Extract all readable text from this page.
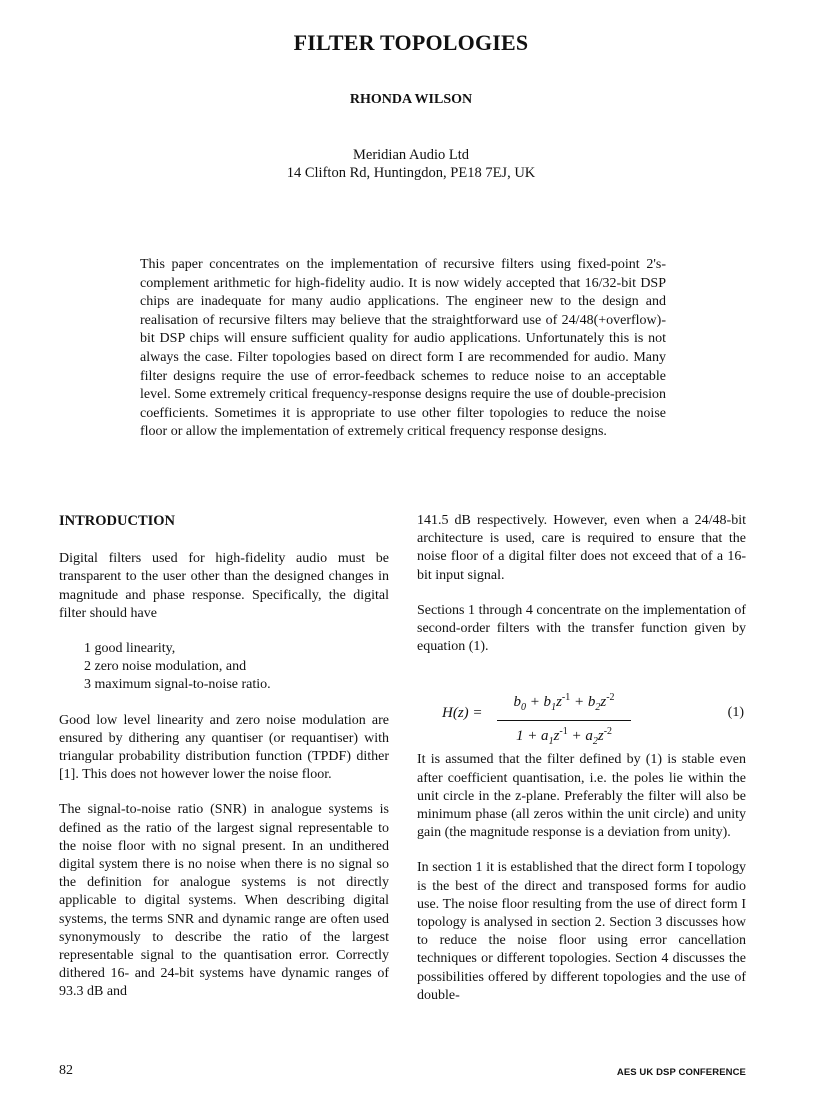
FILTER TOPOLOGIES
RHONDA WILSON
Meridian Audio Ltd
14 Clifton Rd, Huntingdon, PE18 7EJ, UK
This paper concentrates on the implementation of recursive filters using fixed-point 2's-complement arithmetic for high-fidelity audio. It is now widely accepted that 16/32-bit DSP chips are inadequate for many audio applications. The engineer new to the design and realisation of recursive filters may believe that the straightforward use of 24/48(+overflow)-bit DSP chips will ensure sufficient quality for audio applications. Unfortunately this is not always the case. Filter topologies based on direct form I are recommended for audio. Many filter designs require the use of error-feedback schemes to reduce noise to an acceptable level. Some extremely critical frequency-response designs require the use of double-precision coefficients. Sometimes it is appropriate to use other filter topologies to reduce the noise floor or allow the implementation of extremely critical frequency response designs.
INTRODUCTION

Digital filters used for high-fidelity audio must be transparent to the user other than the designed changes in magnitude and phase response. Specifically, the digital filter should have

1 good linearity,
2 zero noise modulation, and
3 maximum signal-to-noise ratio.

Good low level linearity and zero noise modulation are ensured by dithering any quantiser (or requantiser) with triangular probability distribution function (TPDF) dither [1]. This does not however lower the noise floor.

The signal-to-noise ratio (SNR) in analogue systems is defined as the ratio of the largest signal representable to the noise floor with no signal present. In an undithered digital system there is no noise when there is no signal so the definition for analogue systems is not directly applicable to digital systems. When describing digital systems, the terms SNR and dynamic range are often used synonymously to describe the ratio of the largest representable signal to the quantisation error. Correctly dithered 16- and 24-bit systems have dynamic ranges of 93.3 dB and

141.5 dB respectively. However, even when a 24/48-bit architecture is used, care is required to ensure that the noise floor of a digital filter does not exceed that of a 16-bit input signal.

Sections 1 through 4 concentrate on the implementation of second-order filters with the transfer function given by equation (1).

$H(z) = \frac{b_0 + b_1z^{-1} + b_2z^{-2}}{1 + a_1z^{-1} + a_2z^{-2}}$	(1)

It is assumed that the filter defined by (1) is stable even after coefficient quantisation, i.e. the poles lie within the unit circle in the z-plane. Preferably the filter will also be minimum phase (all zeros within the unit circle) and unity gain (the magnitude response is a deviation from unity).

In section 1 it is established that the direct form I topology is the best of the direct and transposed forms for audio use. The noise floor resulting from the use of direct form I topology is analysed in section 2. Section 3 discusses how to reduce the noise floor using error cancellation techniques or different topologies. Section 4 discusses the possibilities offered by different topologies and the use of double-

82	AES UK DSP CONFERENCE
